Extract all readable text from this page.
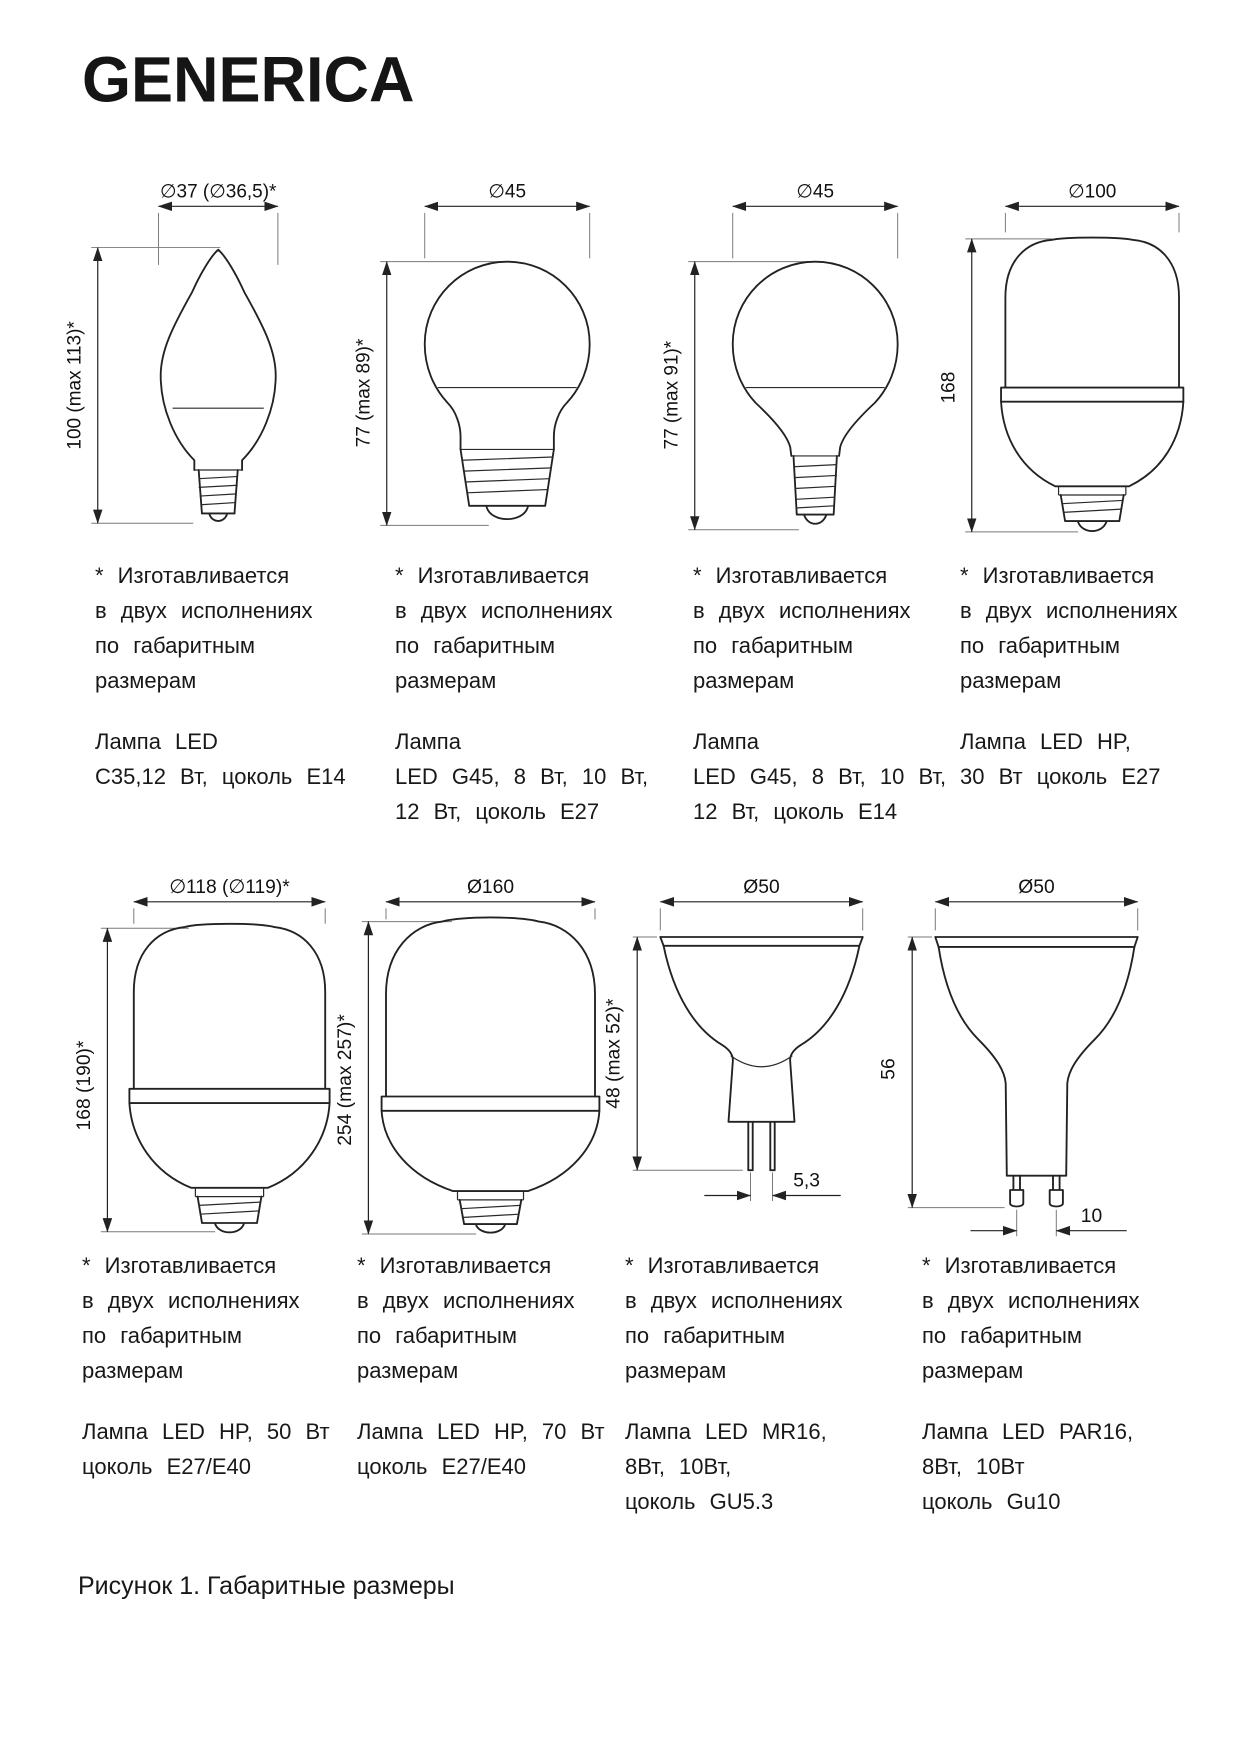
GENERICA
∅37 (∅36,5)*
100 (max 113)*
∅45
77 (max 89)*
∅45
77 (max 91)*
∅100
168
∅118 (∅119)*
168 (190)*
Ø160
254 (max 257)*
Ø50
48 (max 52)*
5,3
Ø50
56
10
* Изготавливается
в двух исполнениях
по габаритным
размерам
Лампа LED
C35,12 Вт, цоколь E14
* Изготавливается
в двух исполнениях
по габаритным
размерам
Лампа
LED G45, 8 Вт, 10 Вт,
12 Вт, цоколь E27
* Изготавливается
в двух исполнениях
по габаритным
размерам
Лампа
LED G45, 8 Вт, 10 Вт,
12 Вт, цоколь E14
* Изготавливается
в двух исполнениях
по габаритным
размерам
Лампа LED HP,
30 Вт цоколь E27
* Изготавливается
в двух исполнениях
по габаритным
размерам
Лампа LED HP, 50 Вт
цоколь E27/E40
* Изготавливается
в двух исполнениях
по габаритным
размерам
Лампа LED HP, 70 Вт
цоколь E27/E40
* Изготавливается
в двух исполнениях
по габаритным
размерам
Лампа LED MR16,
8Вт, 10Вт,
цоколь GU5.3
* Изготавливается
в двух исполнениях
по габаритным
размерам
Лампа LED PAR16,
8Вт, 10Вт
цоколь Gu10
Рисунок 1. Габаритные размеры
